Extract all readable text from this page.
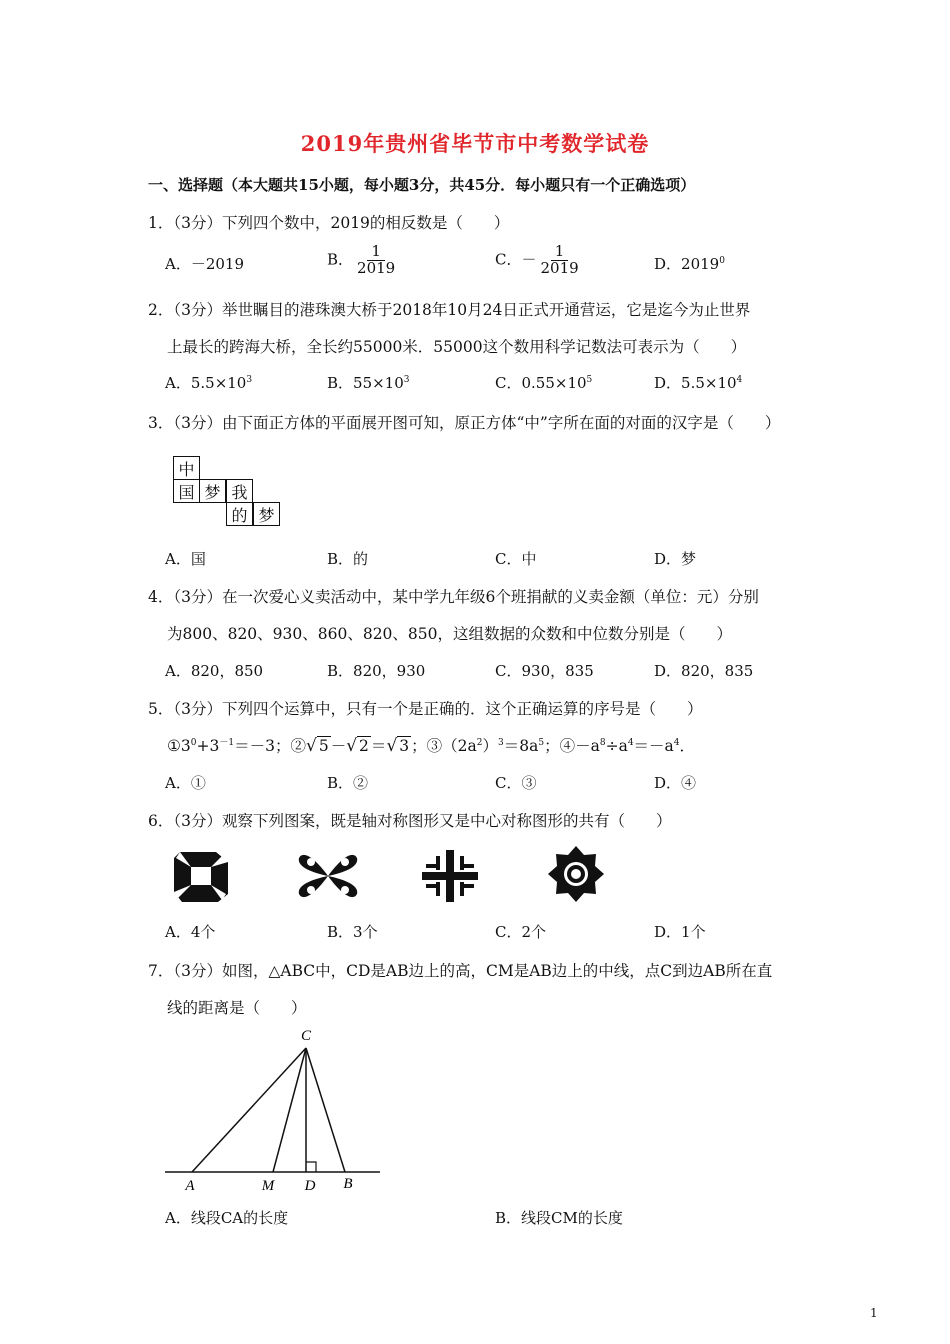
2019年贵州省毕节市中考数学试卷
一、选择题（本大题共15小题，每小题3分，共45分．每小题只有一个正确选项）
1．（3分）下列四个数中，2019的相反数是（　　）
A．－2019	B． $\frac{1}{2019}$	C．－ $\frac{1}{2019}$	D．2019$^0$
2．（3分）举世瞩目的港珠澳大桥于2018年10月24日正式开通营运，它是迄今为止世界
上最长的跨海大桥，全长约55000米．55000这个数用科学记数法可表示为（　　）
A．$5.5\times 10^3$	B．$55\times 10^3$	C．$0.55\times 10^5$	D．$5.5\times 10^4$
3．（3分）由下面正方体的平面展开图可知，原正方体“中”字所在面的对面的汉字是（　　）
中
国 梦 我
的 梦
A．国	B．的	C．中	D．梦
4．（3分）在一次爱心义卖活动中，某中学九年级6个班捐献的义卖金额（单位：元）分别
为800、820、930、860、820、850，这组数据的众数和中位数分别是（　　）
A．820，850	B．820，930	C．930，835	D．820，835
5．（3分）下列四个运算中，只有一个是正确的．这个正确运算的序号是（　　）
$①3^0+3^{-1}=-3$；②√ 5 －√ 2 ＝√ 3 ；$③(2a^2)^3=8a^5$；$④-a^8\div a^4=-a^4$．
A．①	B．②	C．③	D．④
6．（3分）观察下列图案，既是轴对称图形又是中心对称图形的共有（　　）
A．4个	B．3个	C．2个	D．1个
7．（3分）如图，△ABC中，CD是AB边上的高，CM是AB边上的中线，点C到边AB所在直
线的距离是（　　）
C
A	M D B
A．线段CA的长度	B．线段CM的长度
1
